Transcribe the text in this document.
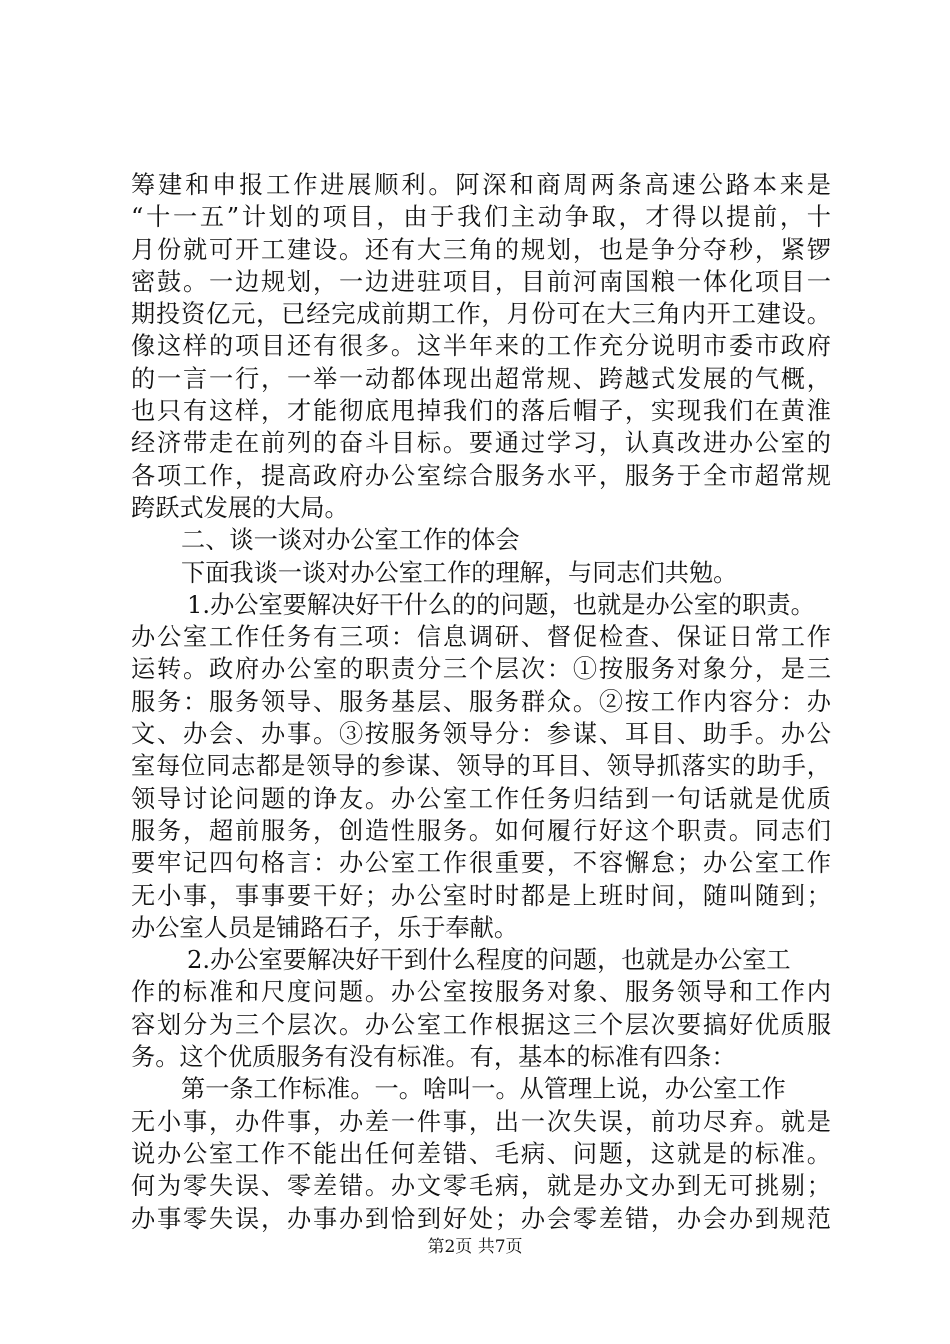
筹建和申报工作进展顺利。阿深和商周两条高速公路本来是
“十一五”计划的项目，由于我们主动争取，才得以提前，十
月份就可开工建设。还有大三角的规划，也是争分夺秒，紧锣
密鼓。一边规划，一边进驻项目，目前河南国粮一体化项目一
期投资亿元，已经完成前期工作，月份可在大三角内开工建设。
像这样的项目还有很多。这半年来的工作充分说明市委市政府
的一言一行，一举一动都体现出超常规、跨越式发展的气概，
也只有这样，才能彻底甩掉我们的落后帽子，实现我们在黄淮
经济带走在前列的奋斗目标。要通过学习，认真改进办公室的
各项工作，提高政府办公室综合服务水平，服务于全市超常规
跨跃式发展的大局。
二、谈一谈对办公室工作的体会
下面我谈一谈对办公室工作的理解，与同志们共勉。
1.办公室要解决好干什么的的问题，也就是办公室的职责。
办公室工作任务有三项：信息调研、督促检查、保证日常工作
运转。政府办公室的职责分三个层次：①按服务对象分，是三
服务：服务领导、服务基层、服务群众。②按工作内容分：办
文、办会、办事。③按服务领导分：参谋、耳目、助手。办公
室每位同志都是领导的参谋、领导的耳目、领导抓落实的助手，
领导讨论问题的诤友。办公室工作任务归结到一句话就是优质
服务，超前服务，创造性服务。如何履行好这个职责。同志们
要牢记四句格言：办公室工作很重要，不容懈怠；办公室工作
无小事，事事要干好；办公室时时都是上班时间，随叫随到；
办公室人员是铺路石子，乐于奉献。
2.办公室要解决好干到什么程度的问题，也就是办公室工
作的标准和尺度问题。办公室按服务对象、服务领导和工作内
容划分为三个层次。办公室工作根据这三个层次要搞好优质服
务。这个优质服务有没有标准。有，基本的标准有四条：
第一条工作标准。一。啥叫一。从管理上说，办公室工作
无小事，办件事，办差一件事，出一次失误，前功尽弃。就是
说办公室工作不能出任何差错、毛病、问题，这就是的标准。
何为零失误、零差错。办文零毛病，就是办文办到无可挑剔；
办事零失误，办事办到恰到好处；办会零差错，办会办到规范
第2页 共7页
